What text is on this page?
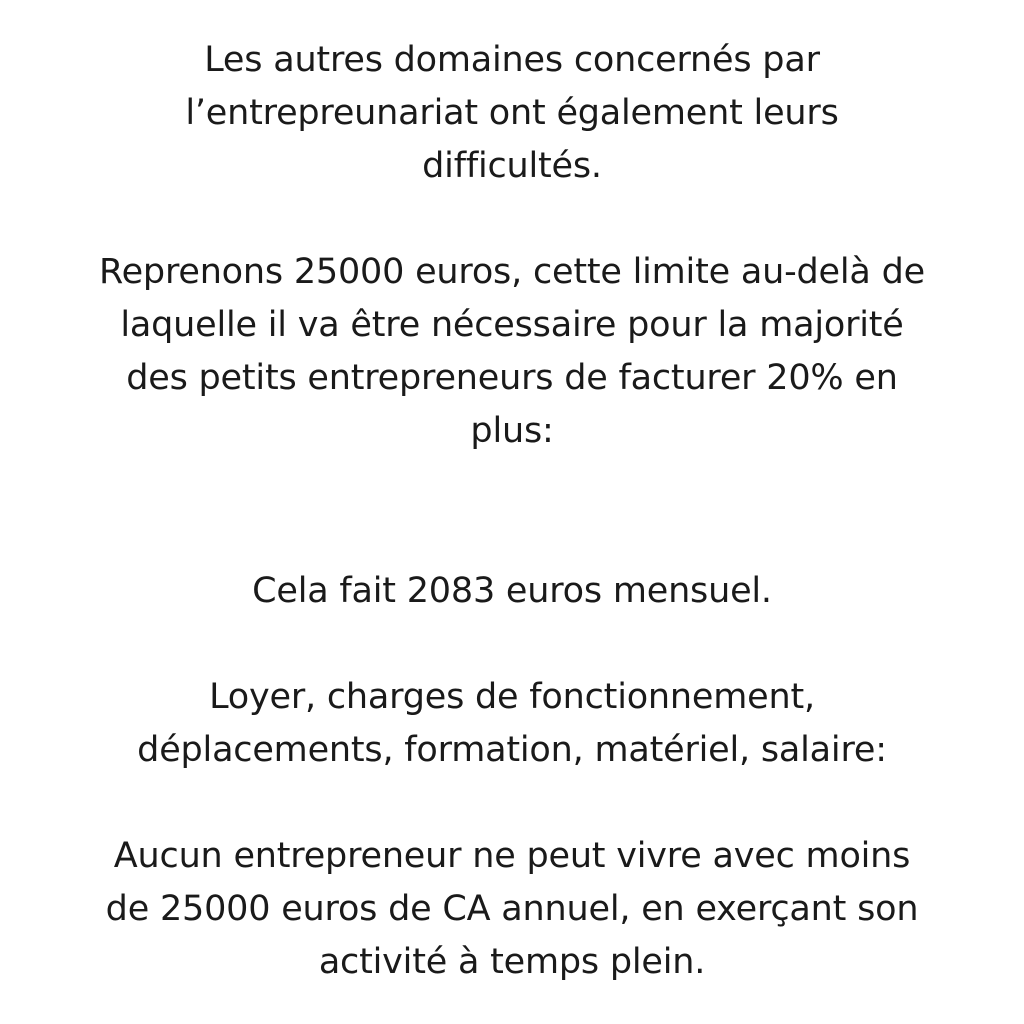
Les autres domaines concernés par
l’entrepreunariat ont également leurs
difficultés.

Reprenons 25000 euros, cette limite au-delà de
laquelle il va être nécessaire pour la majorité
des petits entrepreneurs de facturer 20% en
plus:

Cela fait 2083 euros mensuel.

Loyer, charges de fonctionnement,
déplacements, formation, matériel, salaire:

Aucun entrepreneur ne peut vivre avec moins
de 25000 euros de CA annuel, en exerçant son
activité à temps plein.
